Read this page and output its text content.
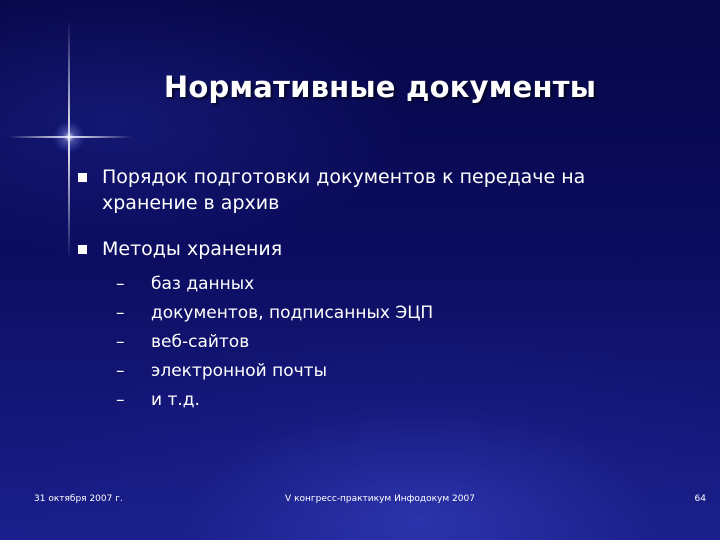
Нормативные документы
Порядок подготовки документов к передаче на хранение в архив
Методы хранения
– баз данных
– документов, подписанных ЭЦП
– веб-сайтов
– электронной почты
– и т.д.
31 октября 2007 г.	V конгресс-практикум Инфодокум 2007	64
